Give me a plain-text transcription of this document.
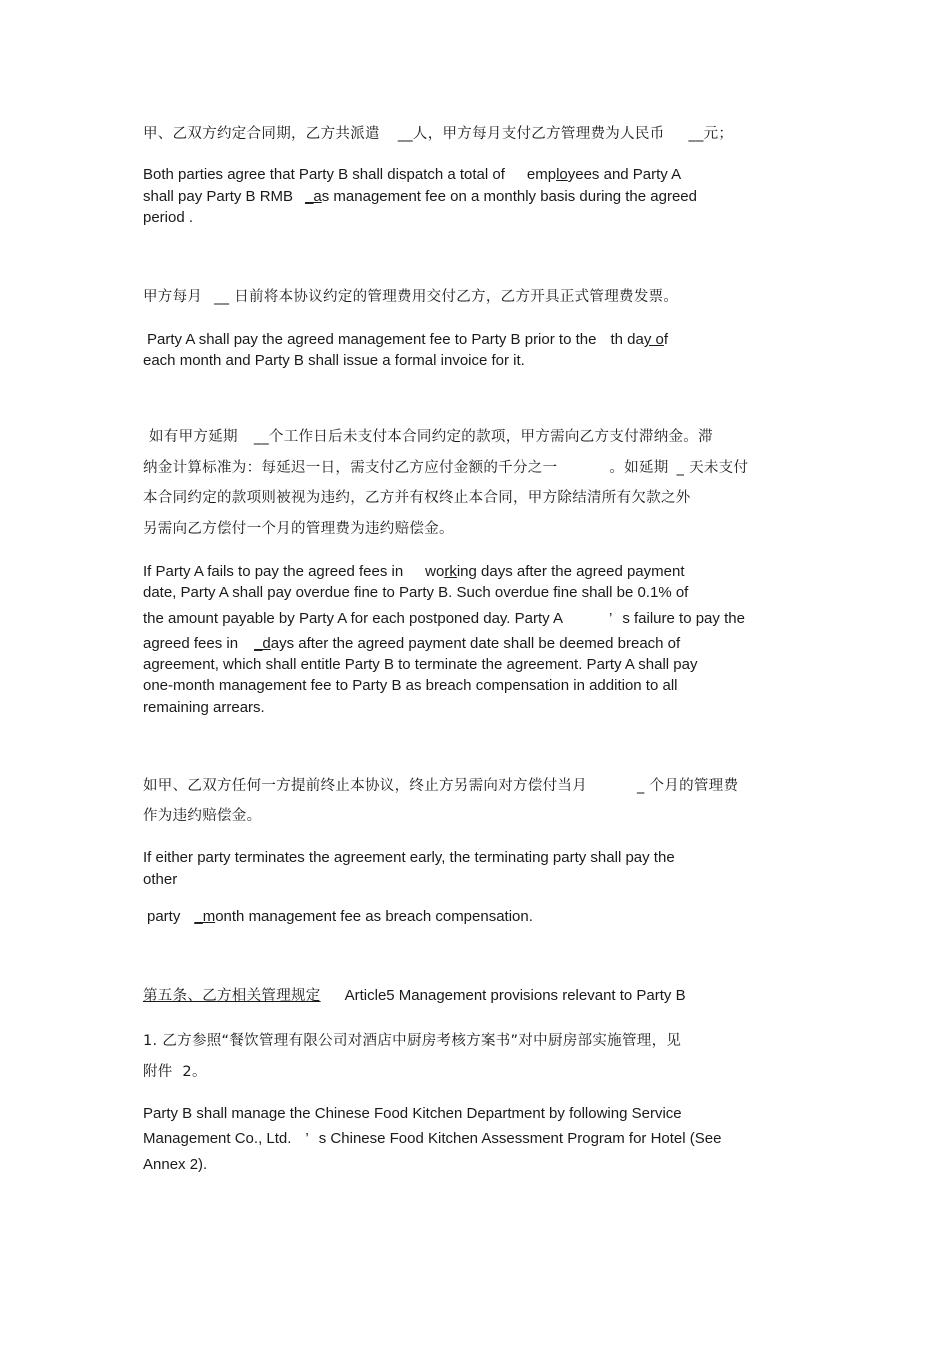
甲、乙双方约定合同期，乙方共派遣 __人，甲方每月支付乙方管理费为人民币 __元；
Both parties agree that Party B shall dispatch a total of employees and Party A
shall pay Party B RMB _as management fee on a monthly basis during the agreed
period .
甲方每月 __ 日前将本协议约定的管理费用交付乙方，乙方开具正式管理费发票。
Party A shall pay the agreed management fee to Party B prior to the th day of
each month and Party B shall issue a formal invoice for it.
如有甲方延期 __个工作日后未支付本合同约定的款项，甲方需向乙方支付滞纳金。滞
纳金计算标准为：每延迟一日，需支付乙方应付金额的千分之一	。如延期 _ 天未支付
本合同约定的款项则被视为违约，乙方并有权终止本合同，甲方除结清所有欠款之外
另需向乙方偿付一个月的管理费为违约赔偿金。
If Party A fails to pay the agreed fees in working days after the agreed payment
date, Party A shall pay overdue fine to Party B. Such overdue fine shall be 0.1% of
the amount payable by Party A for each postponed day. Party A	’ s failure to pay the
agreed fees in _days after the agreed payment date shall be deemed breach of
agreement, which shall entitle Party B to terminate the agreement. Party A shall pay
one-month management fee to Party B as breach compensation in addition to all
remaining arrears.
如甲、乙双方任何一方提前终止本协议，终止方另需向对方偿付当月	_ 个月的管理费
作为违约赔偿金。
If either party terminates the agreement early, the terminating party shall pay the
other
party _month management fee as breach compensation.
第五条、乙方相关管理规定 Article5 Management provisions relevant to Party B
1. 乙方参照“餐饮管理有限公司对酒店中厨房考核方案书”对中厨房部实施管理，见
附件  2。
Party B shall manage the Chinese Food Kitchen Department by following Service
Management Co., Ltd. ’ s Chinese Food Kitchen Assessment Program for Hotel (See
Annex 2).
